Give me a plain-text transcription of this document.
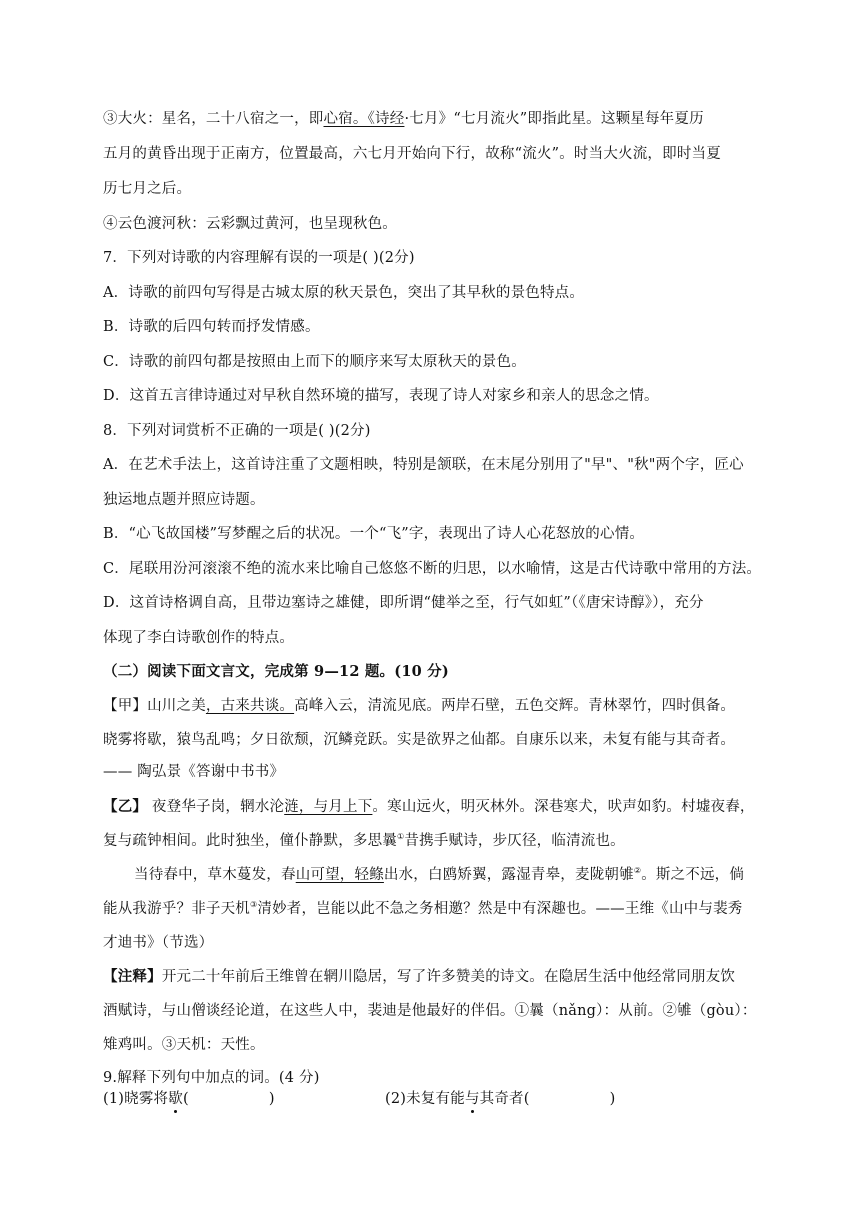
③大火：星名，二十八宿之一，即心宿。《诗经·七月》“七月流火”即指此星。这颗星每年夏历
五月的黄昏出现于正南方，位置最高，六七月开始向下行，故称“流火”。时当大火流，即时当夏
历七月之后。
④云色渡河秋：云彩飘过黄河，也呈现秋色。
7．下列对诗歌的内容理解有误的一项是( )(2分)
A．诗歌的前四句写得是古城太原的秋天景色，突出了其早秋的景色特点。
B．诗歌的后四句转而抒发情感。
C．诗歌的前四句都是按照由上而下的顺序来写太原秋天的景色。
D．这首五言律诗通过对早秋自然环境的描写，表现了诗人对家乡和亲人的思念之情。
8．下列对词赏析不正确的一项是( )(2分)
A．在艺术手法上，这首诗注重了文题相映，特别是颔联，在末尾分别用了"早"、"秋"两个字，匠心
独运地点题并照应诗题。
B．“心飞故国楼”写梦醒之后的状况。一个“飞”字，表现出了诗人心花怒放的心情。
C．尾联用汾河滚滚不绝的流水来比喻自己悠悠不断的归思，以水喻情，这是古代诗歌中常用的方法。
D．这首诗格调自高，且带边塞诗之雄健，即所谓“健举之至，行气如虹”（《唐宋诗醇》），充分
体现了李白诗歌创作的特点。
（二）阅读下面文言文，完成第 9—12 题。(10 分)
【甲】山川之美，古来共谈。高峰入云，清流见底。两岸石壁，五色交辉。青林翠竹，四时俱备。
晓雾将歇，猿鸟乱鸣；夕日欲颓，沉鳞竞跃。实是欲界之仙都。自康乐以来，未复有能与其奇者。
—— 陶弘景《答谢中书书》
【乙】 夜登华子岗，辋水沦涟，与月上下。寒山远火，明灭林外。深巷寒犬，吠声如豹。村墟夜舂，
复与疏钟相间。此时独坐，僮仆静默，多思曩①昔携手赋诗，步仄径，临清流也。
当待春中，草木蔓发，春山可望，轻鲦出水，白鸥矫翼，露湿青皋，麦陇朝雊②。斯之不远，倘
能从我游乎？非子天机③清妙者，岂能以此不急之务相邀？然是中有深趣也。——王维《山中与裴秀
才迪书》（节选）
【注释】开元二十年前后王维曾在辋川隐居，写了许多赞美的诗文。在隐居生活中他经常同朋友饮
酒赋诗，与山僧谈经论道，在这些人中，裴迪是他最好的伴侣。①曩（nǎng）：从前。②雊（gòu）：
雉鸡叫。③天机：天性。
9.解释下列句中加点的词。(4 分)
(1)晓雾将歇(	)	(2)未复有能与其奇者(	)
